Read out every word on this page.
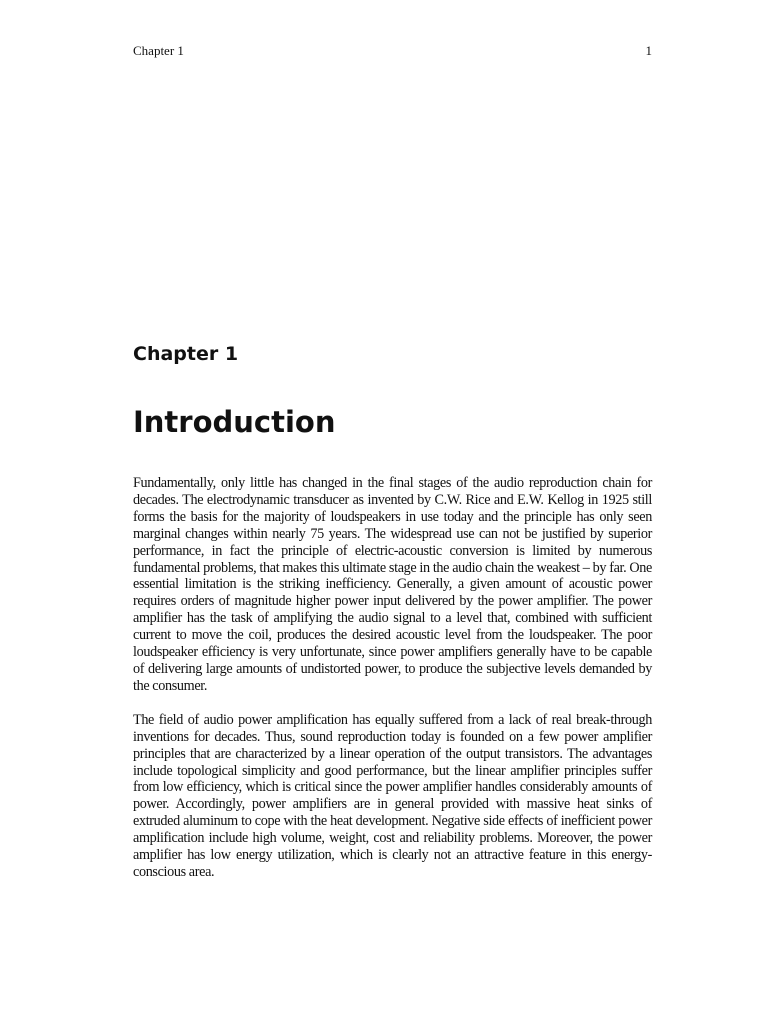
Chapter 1	1
Chapter 1
Introduction

Fundamentally, only little has changed in the final stages of the audio reproduction chain for decades. The electrodynamic transducer as invented by C.W. Rice and E.W. Kellog in 1925 still forms the basis for the majority of loudspeakers in use today and the principle has only seen marginal changes within nearly 75 years. The widespread use can not be justified by superior performance, in fact the principle of electric-acoustic conversion is limited by numerous fundamental problems, that makes this ultimate stage in the audio chain the weakest – by far. One essential limitation is the striking inefficiency. Generally, a given amount of acoustic power requires orders of magnitude higher power input delivered by the power amplifier. The power amplifier has the task of amplifying the audio signal to a level that, combined with sufficient current to move the coil, produces the desired acoustic level from the loudspeaker. The poor loudspeaker efficiency is very unfortunate, since power amplifiers generally have to be capable of delivering large amounts of undistorted power, to produce the subjective levels demanded by the consumer.

The field of audio power amplification has equally suffered from a lack of real break-through inventions for decades. Thus, sound reproduction today is founded on a few power amplifier principles that are characterized by a linear operation of the output transistors. The advantages include topological simplicity and good performance, but the linear amplifier principles suffer from low efficiency, which is critical since the power amplifier handles considerably amounts of power. Accordingly, power amplifiers are in general provided with massive heat sinks of extruded aluminum to cope with the heat development. Negative side effects of inefficient power amplification include high volume, weight, cost and reliability problems. Moreover, the power amplifier has low energy utilization, which is clearly not an attractive feature in this energy-conscious area.
